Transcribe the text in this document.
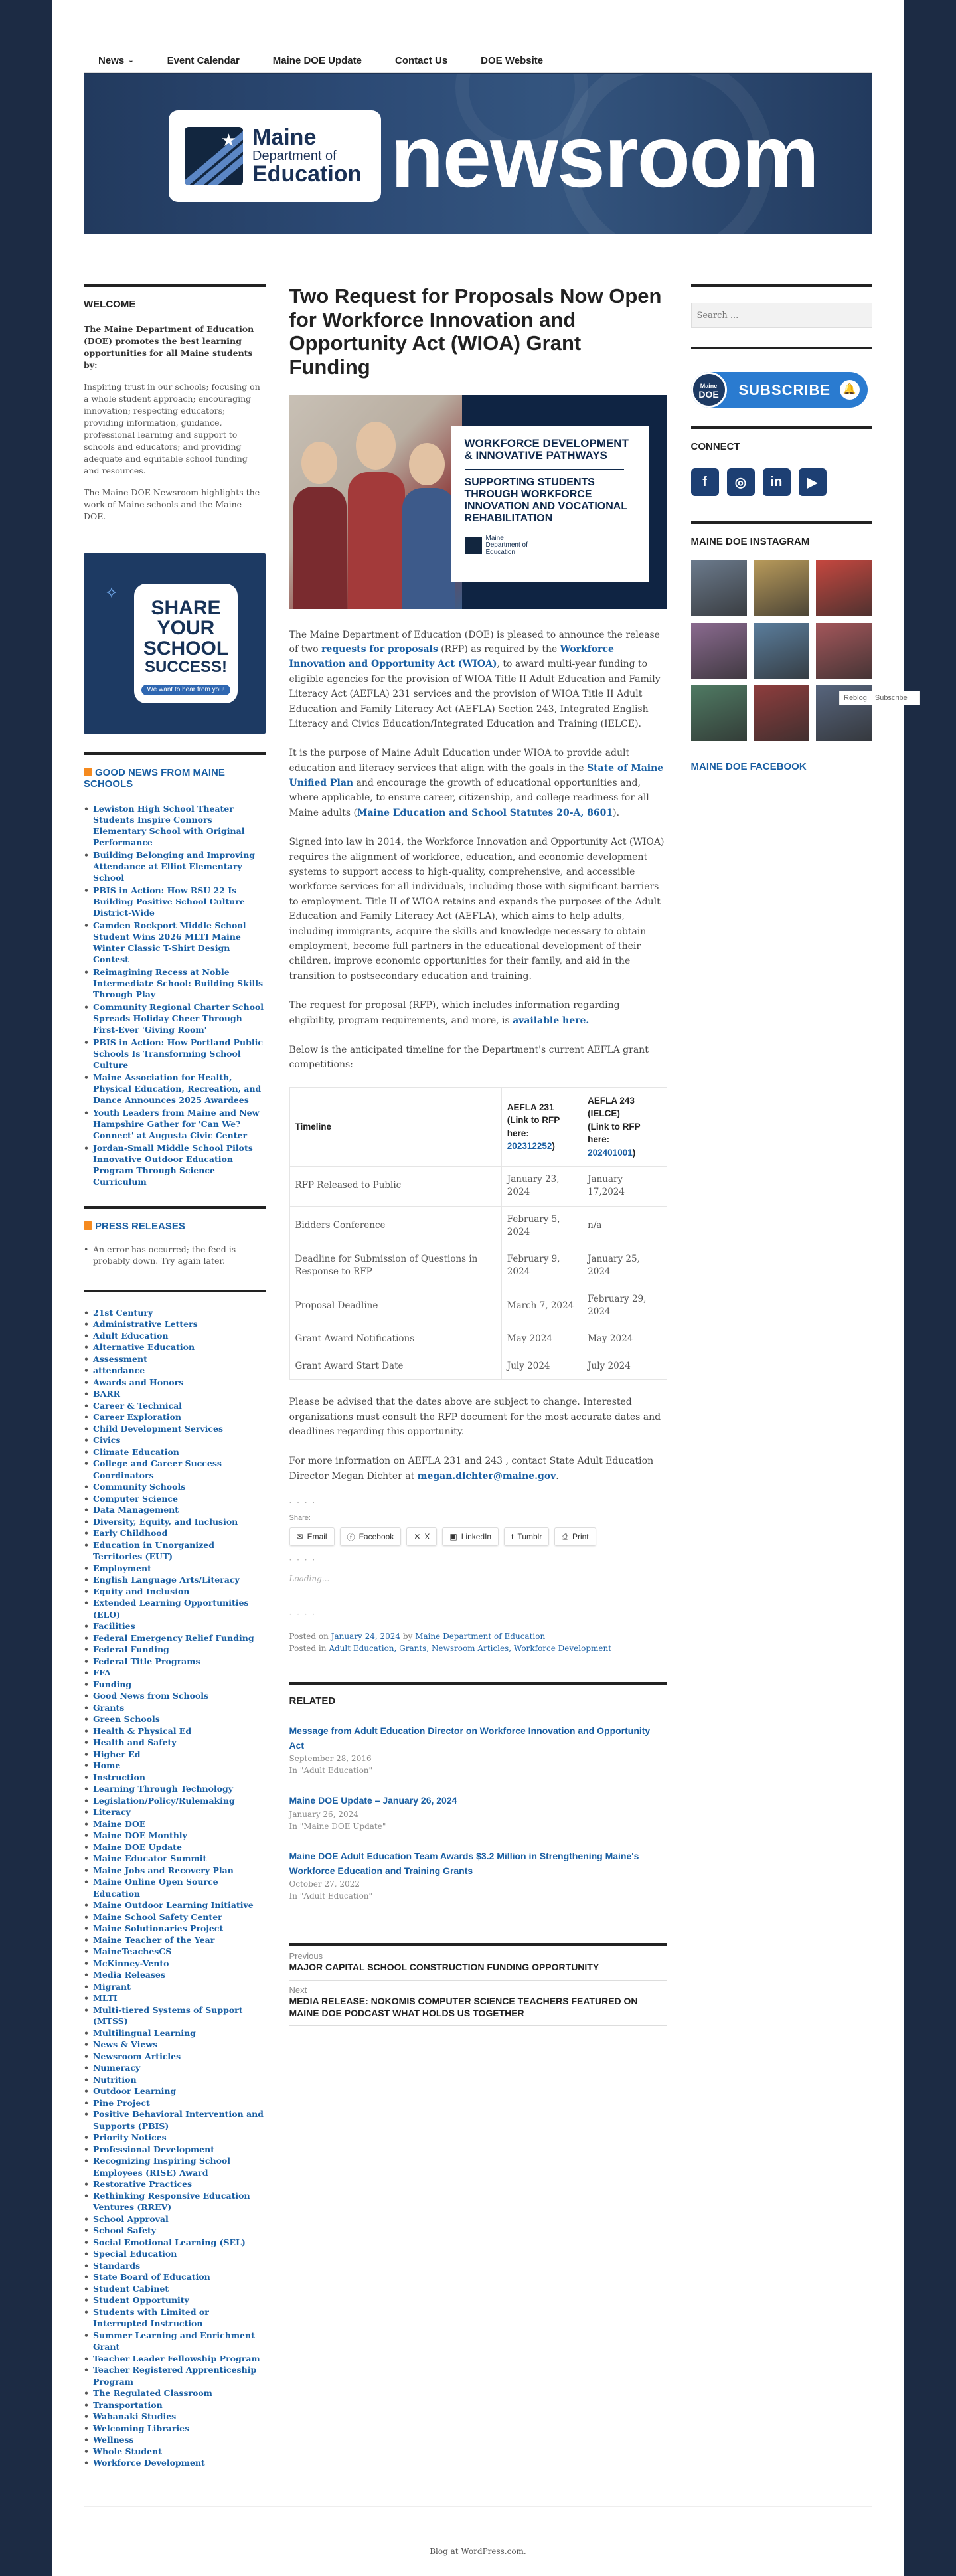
News ⌄	Event Calendar	Maine DOE Update	Contact Us	DOE Website
★ Maine
Department of
Education newsroom
WELCOME

The Maine Department of Education (DOE) promotes the best learning opportunities for all Maine students by:

Inspiring trust in our schools; focusing on a whole student approach; encouraging innovation; respecting educators; providing information, guidance, professional learning and support to schools and educators; and providing adequate and equitable school funding and resources.

The Maine DOE Newsroom highlights the work of Maine schools and the Maine DOE.

⟡
SHARE
YOUR
SCHOOL
SUCCESS!
We want to hear from you!
GOOD NEWS FROM MAINE SCHOOLS
• Lewiston High School Theater Students Inspire Connors Elementary School with Original Performance
• Building Belonging and Improving Attendance at Elliot Elementary School
• PBIS in Action: How RSU 22 Is Building Positive School Culture District-Wide
• Camden Rockport Middle School Student Wins 2026 MLTI Maine Winter Classic T-Shirt Design Contest
• Reimagining Recess at Noble Intermediate School: Building Skills Through Play
• Community Regional Charter School Spreads Holiday Cheer Through First-Ever 'Giving Room'
• PBIS in Action: How Portland Public Schools Is Transforming School Culture
• Maine Association for Health, Physical Education, Recreation, and Dance Announces 2025 Awardees
• Youth Leaders from Maine and New Hampshire Gather for 'Can We? Connect' at Augusta Civic Center
• Jordan-Small Middle School Pilots Innovative Outdoor Education Program Through Science Curriculum
PRESS RELEASES
• An error has occurred; the feed is probably down. Try again later.
• 21st Century
• Administrative Letters
• Adult Education
• Alternative Education
• Assessment
• attendance
• Awards and Honors
• BARR
• Career & Technical
• Career Exploration
• Child Development Services
• Civics
• Climate Education
• College and Career Success Coordinators
• Community Schools
• Computer Science
• Data Management
• Diversity, Equity, and Inclusion
• Early Childhood
• Education in Unorganized Territories (EUT)
• Employment
• English Language Arts/Literacy
• Equity and Inclusion
• Extended Learning Opportunities (ELO)
• Facilities
• Federal Emergency Relief Funding
• Federal Funding
• Federal Title Programs
• FFA
• Funding
• Good News from Schools
• Grants
• Green Schools
• Health & Physical Ed
• Health and Safety
• Higher Ed
• Home
• Instruction
• Learning Through Technology
• Legislation/Policy/Rulemaking
• Literacy
• Maine DOE
• Maine DOE Monthly
• Maine DOE Update
• Maine Educator Summit
• Maine Jobs and Recovery Plan
• Maine Online Open Source Education
• Maine Outdoor Learning Initiative
• Maine School Safety Center
• Maine Solutionaries Project
• Maine Teacher of the Year
• MaineTeachesCS
• McKinney-Vento
• Media Releases
• Migrant
• MLTI
• Multi-tiered Systems of Support (MTSS)
• Multilingual Learning
• News & Views
• Newsroom Articles
• Numeracy
• Nutrition
• Outdoor Learning
• Pine Project
• Positive Behavioral Intervention and Supports (PBIS)
• Priority Notices
• Professional Development
• Recognizing Inspiring School Employees (RISE) Award
• Restorative Practices
• Rethinking Responsive Education Ventures (RREV)
• School Approval
• School Safety
• Social Emotional Learning (SEL)
• Special Education
• Standards
• State Board of Education
• Student Cabinet
• Student Opportunity
• Students with Limited or Interrupted Instruction
• Summer Learning and Enrichment Grant
• Teacher Leader Fellowship Program
• Teacher Registered Apprenticeship Program
• The Regulated Classroom
• Transportation
• Wabanaki Studies
• Welcoming Libraries
• Wellness
• Whole Student
• Workforce Development
Two Request for Proposals Now Open for Workforce Innovation and Opportunity Act (WIOA) Grant Funding
WORKFORCE DEVELOPMENT & INNOVATIVE PATHWAYS
SUPPORTING STUDENTS THROUGH WORKFORCE INNOVATION AND VOCATIONAL REHABILITATION
Maine
Department of
Education

The Maine Department of Education (DOE) is pleased to announce the release of two requests for proposals (RFP) as required by the Workforce Innovation and Opportunity Act (WIOA), to award multi-year funding to eligible agencies for the provision of WIOA Title II Adult Education and Family Literacy Act (AEFLA) 231 services and the provision of WIOA Title II Adult Education and Family Literacy Act (AEFLA) Section 243, Integrated English Literacy and Civics Education/Integrated Education and Training (IELCE).

It is the purpose of Maine Adult Education under WIOA to provide adult education and literacy services that align with the goals in the State of Maine Unified Plan and encourage the growth of educational opportunities and, where applicable, to ensure career, citizenship, and college readiness for all Maine adults (Maine Education and School Statutes 20-A, 8601).

Signed into law in 2014, the Workforce Innovation and Opportunity Act (WIOA) requires the alignment of workforce, education, and economic development systems to support access to high-quality, comprehensive, and accessible workforce services for all individuals, including those with significant barriers to employment. Title II of WIOA retains and expands the purposes of the Adult Education and Family Literacy Act (AEFLA), which aims to help adults, including immigrants, acquire the skills and knowledge necessary to obtain employment, become full partners in the educational development of their children, improve economic opportunities for their family, and aid in the transition to postsecondary education and training.

The request for proposal (RFP), which includes information regarding eligibility, program requirements, and more, is available here.

Below is the anticipated timeline for the Department's current AEFLA grant competitions:

Timeline	AEFLA 231
(Link to RFP here:
202312252)	AEFLA 243 (IELCE)
(Link to RFP here:
202401001)
RFP Released to Public	January 23, 2024	January 17,2024
Bidders Conference	February 5, 2024	n/a
Deadline for Submission of Questions in Response to RFP	February 9, 2024	January 25, 2024
Proposal Deadline	March 7, 2024	February 29, 2024
Grant Award Notifications	May 2024	May 2024
Grant Award Start Date	July 2024	July 2024

Please be advised that the dates above are subject to change. Interested organizations must consult the RFP document for the most accurate dates and deadlines regarding this opportunity.

For more information on AEFLA 231 and 243 , contact State Adult Education Director Megan Dichter at megan.dichter@maine.gov.

· · · ·
Share:
✉ Email	ⓕ Facebook	✕ X	▣ LinkedIn	t Tumblr	⎙ Print
· · · ·
Loading...
· · · ·
Posted on January 24, 2024 by Maine Department of Education
Posted in Adult Education, Grants, Newsroom Articles, Workforce Development
RELATED
Message from Adult Education Director on Workforce Innovation and Opportunity Act
September 28, 2016
In "Adult Education"
Maine DOE Update – January 26, 2024
January 26, 2024
In "Maine DOE Update"
Maine DOE Adult Education Team Awards $3.2 Million in Strengthening Maine's Workforce Education and Training Grants
October 27, 2022
In "Adult Education"
Previous
MAJOR CAPITAL SCHOOL CONSTRUCTION FUNDING OPPORTUNITY
Next
MEDIA RELEASE: NOKOMIS COMPUTER SCIENCE TEACHERS FEATURED ON MAINE DOE PODCAST WHAT HOLDS US TOGETHER
Search ...
Maine
DOE	SUBSCRIBE	🔔
CONNECT
f	◎	in	▶
MAINE DOE INSTAGRAM
MAINE DOE FACEBOOK
Reblog Subscribe
Blog at WordPress.com.
